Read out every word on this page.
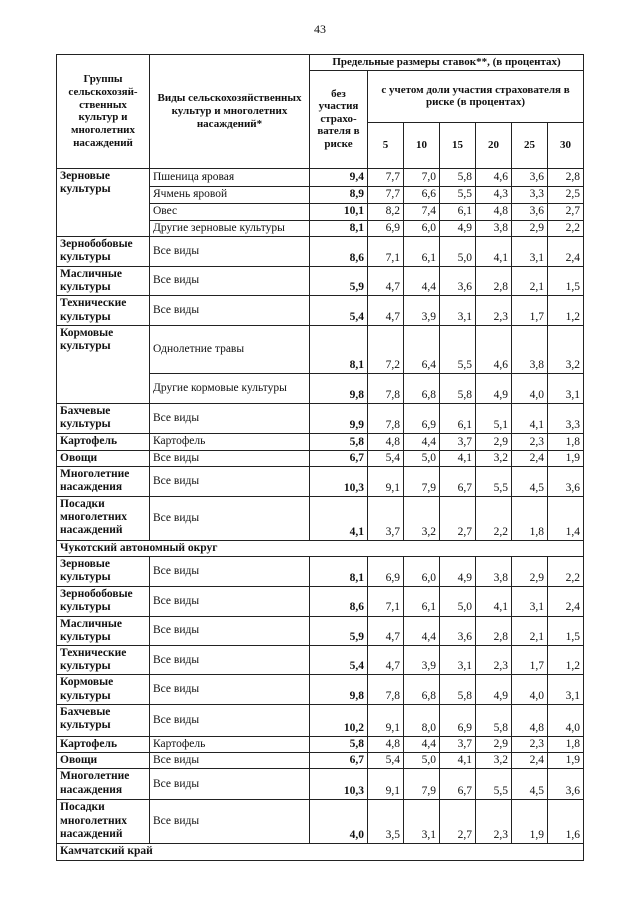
43
Группы сельскохозяй-ственных культур и многолетних насаждений	Виды сельскохозяйственных культур и многолетних насаждений*	Предельные размеры ставок**, (в процентах)						
		без участия страхо-вателя в риске	с учетом доли участия страхователя в риске (в процентах)					
			5	10	15	20	25	30
Зерновые культуры	Пшеница яровая	9,4	7,7	7,0	5,8	4,6	3,6	2,8
	Ячмень яровой	8,9	7,7	6,6	5,5	4,3	3,3	2,5
	Овес	10,1	8,2	7,4	6,1	4,8	3,6	2,7
	Другие зерновые культуры	8,1	6,9	6,0	4,9	3,8	2,9	2,2
Зернобобовые культуры	Все виды	8,6	7,1	6,1	5,0	4,1	3,1	2,4
Масличные культуры	Все виды	5,9	4,7	4,4	3,6	2,8	2,1	1,5
Технические культуры	Все виды	5,4	4,7	3,9	3,1	2,3	1,7	1,2
Кормовые культуры	Однолетние травы	8,1	7,2	6,4	5,5	4,6	3,8	3,2
	Другие кормовые культуры	9,8	7,8	6,8	5,8	4,9	4,0	3,1
Бахчевые культуры	Все виды	9,9	7,8	6,9	6,1	5,1	4,1	3,3
Картофель	Картофель	5,8	4,8	4,4	3,7	2,9	2,3	1,8
Овощи	Все виды	6,7	5,4	5,0	4,1	3,2	2,4	1,9
Многолетние насаждения	Все виды	10,3	9,1	7,9	6,7	5,5	4,5	3,6
Посадки многолетних насаждений	Все виды	4,1	3,7	3,2	2,7	2,2	1,8	1,4
Чукотский автономный округ								
Зерновые культуры	Все виды	8,1	6,9	6,0	4,9	3,8	2,9	2,2
Зернобобовые культуры	Все виды	8,6	7,1	6,1	5,0	4,1	3,1	2,4
Масличные культуры	Все виды	5,9	4,7	4,4	3,6	2,8	2,1	1,5
Технические культуры	Все виды	5,4	4,7	3,9	3,1	2,3	1,7	1,2
Кормовые культуры	Все виды	9,8	7,8	6,8	5,8	4,9	4,0	3,1
Бахчевые культуры	Все виды	10,2	9,1	8,0	6,9	5,8	4,8	4,0
Картофель	Картофель	5,8	4,8	4,4	3,7	2,9	2,3	1,8
Овощи	Все виды	6,7	5,4	5,0	4,1	3,2	2,4	1,9
Многолетние насаждения	Все виды	10,3	9,1	7,9	6,7	5,5	4,5	3,6
Посадки многолетних насаждений	Все виды	4,0	3,5	3,1	2,7	2,3	1,9	1,6
Камчатский край								
